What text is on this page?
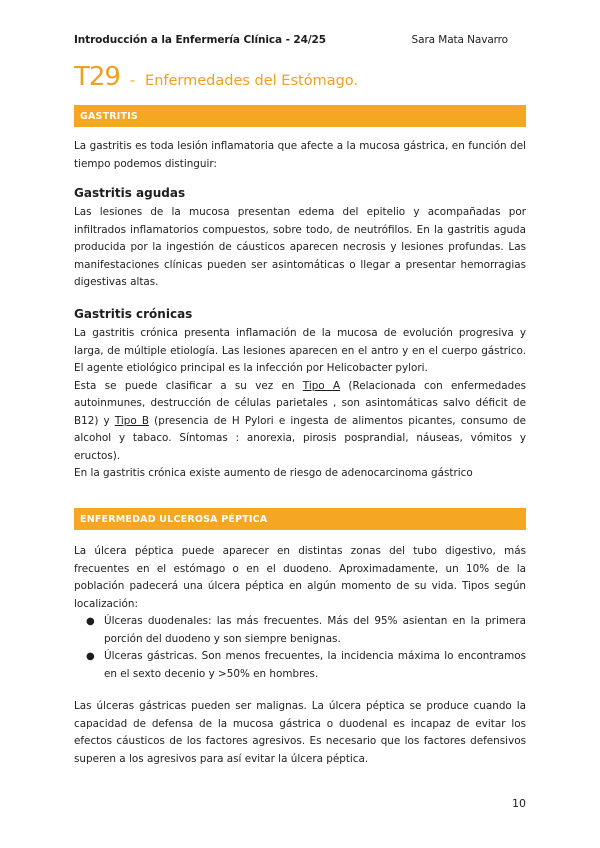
Introducción a la Enfermería Clínica - 24/25	Sara Mata Navarro
T29 - Enfermedades del Estómago.
GASTRITIS

La gastritis es toda lesión inflamatoria que afecte a la mucosa gástrica, en función del tiempo podemos distinguir:

Gastritis agudas

Las lesiones de la mucosa presentan edema del epitelio y acompañadas por infiltrados inflamatorios compuestos, sobre todo, de neutrófilos. En la gastritis aguda producida por la ingestión de cáusticos aparecen necrosis y lesiones profundas. Las manifestaciones clínicas pueden ser asintomáticas o llegar a presentar hemorragias digestivas altas.

Gastritis crónicas

La gastritis crónica presenta inflamación de la mucosa de evolución progresiva y larga, de múltiple etiología. Las lesiones aparecen en el antro y en el cuerpo gástrico. El agente etiológico principal es la infección por Helicobacter pylori.

Esta se puede clasificar a su vez en Tipo A (Relacionada con enfermedades autoinmunes, destrucción de células parietales , son asintomáticas salvo déficit de B12) y Tipo B (presencia de H Pylori e ingesta de alimentos picantes, consumo de alcohol y tabaco. Síntomas : anorexia, pirosis posprandial, náuseas, vómitos y eructos).

En la gastritis crónica existe aumento de riesgo de adenocarcinoma gástrico

ENFERMEDAD ULCEROSA PÉPTICA

La úlcera péptica puede aparecer en distintas zonas del tubo digestivo, más frecuentes en el estómago o en el duodeno. Aproximadamente, un 10% de la población padecerá una úlcera péptica en algún momento de su vida. Tipos según localización:

● Úlceras duodenales: las más frecuentes. Más del 95% asientan en la primera porción del duodeno y son siempre benignas.
● Úlceras gástricas. Son menos frecuentes, la incidencia máxima lo encontramos en el sexto decenio y >50% en hombres.

Las úlceras gástricas pueden ser malignas. La úlcera péptica se produce cuando la capacidad de defensa de la mucosa gástrica o duodenal es incapaz de evitar los efectos cáusticos de los factores agresivos. Es necesario que los factores defensivos superen a los agresivos para así evitar la úlcera péptica.

10
